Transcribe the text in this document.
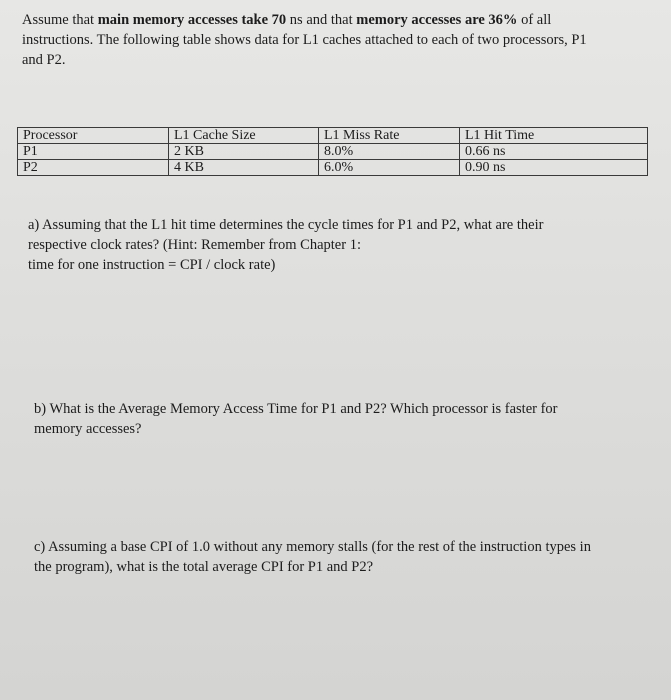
Assume that main memory accesses take 70 ns and that memory accesses are 36% of all
instructions. The following table shows data for L1 caches attached to each of two processors, P1
and P2.
Processor	L1 Cache Size	L1 Miss Rate	L1 Hit Time
P1	2 KB	8.0%	0.66 ns
P2	4 KB	6.0%	0.90 ns
a) Assuming that the L1 hit time determines the cycle times for P1 and P2, what are their
respective clock rates? (Hint: Remember from Chapter 1:
time for one instruction = CPI / clock rate)
b) What is the Average Memory Access Time for P1 and P2? Which processor is faster for
memory accesses?
c) Assuming a base CPI of 1.0 without any memory stalls (for the rest of the instruction types in
the program), what is the total average CPI for P1 and P2?
